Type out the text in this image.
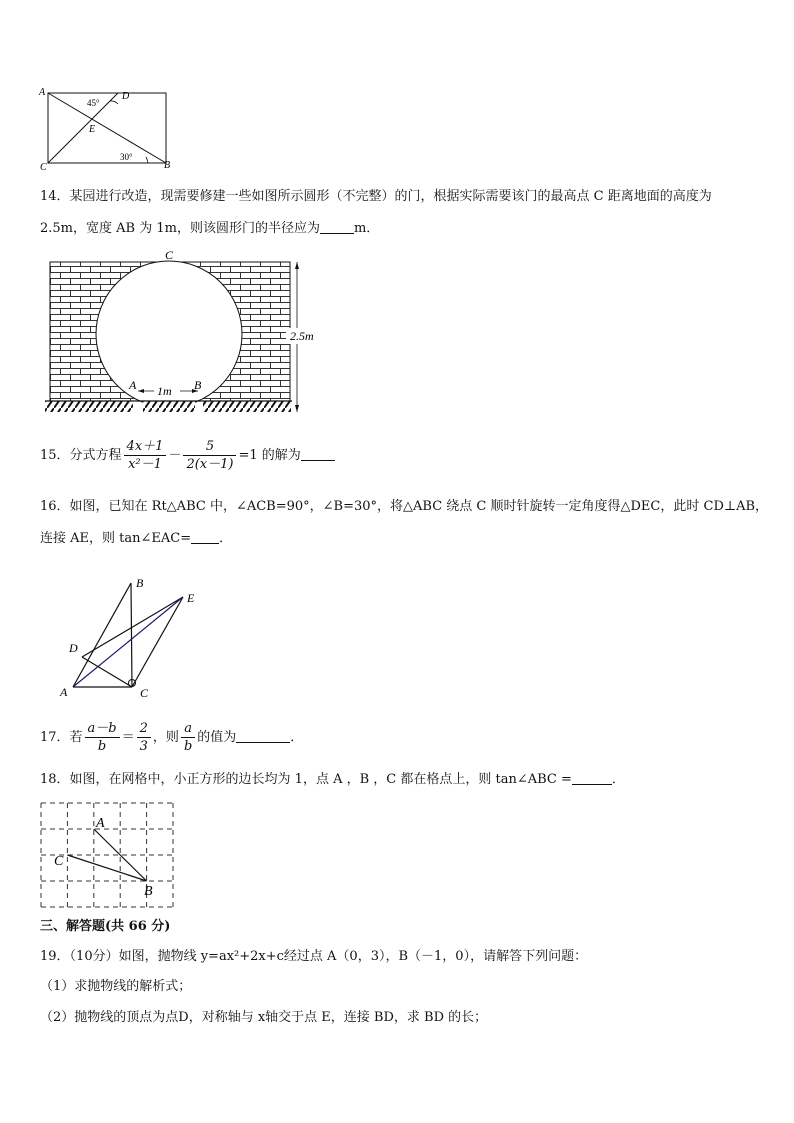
A	D
E
C	B
45°
30°
14．某园进行改造，现需要修建一些如图所示圆形（不完整）的门，根据实际需要该门的最高点 C 距离地面的高度为
2.5m，宽度 AB 为 1m，则该圆形门的半径应为	m．
C
A	B
1m
2.5m
15．分式方程 $\frac{4x+1}{\text{x²－1}} - \frac{5}{2(x-1)} =1$ 的解为
16．如图，已知在 Rt△ABC 中，∠ACB=90°，∠B=30°，将△ABC 绕点 C 顺时针旋转一定角度得△DEC，此时 CD⊥AB，
连接 AE，则 tan∠EAC= ．
B
E
D
A	C
17．若 $\frac{a-b}{b} = \frac{2}{3}$ ，则 $\frac{a}{b}$ 的值为	．
18．如图，在网格中，小正方形的边长均为 1，点 A ，B ，C 都在格点上，则 tan∠ABC =	．
A
C
B
三、解答题(共 66 分)
19．（10分）如图，抛物线 y=ax²+2x+c经过点 A（0，3），B（－1，0），请解答下列问题：
（1）求抛物线的解析式；
（2）抛物线的顶点为点D，对称轴与 x轴交于点 E，连接 BD，求 BD 的长；
